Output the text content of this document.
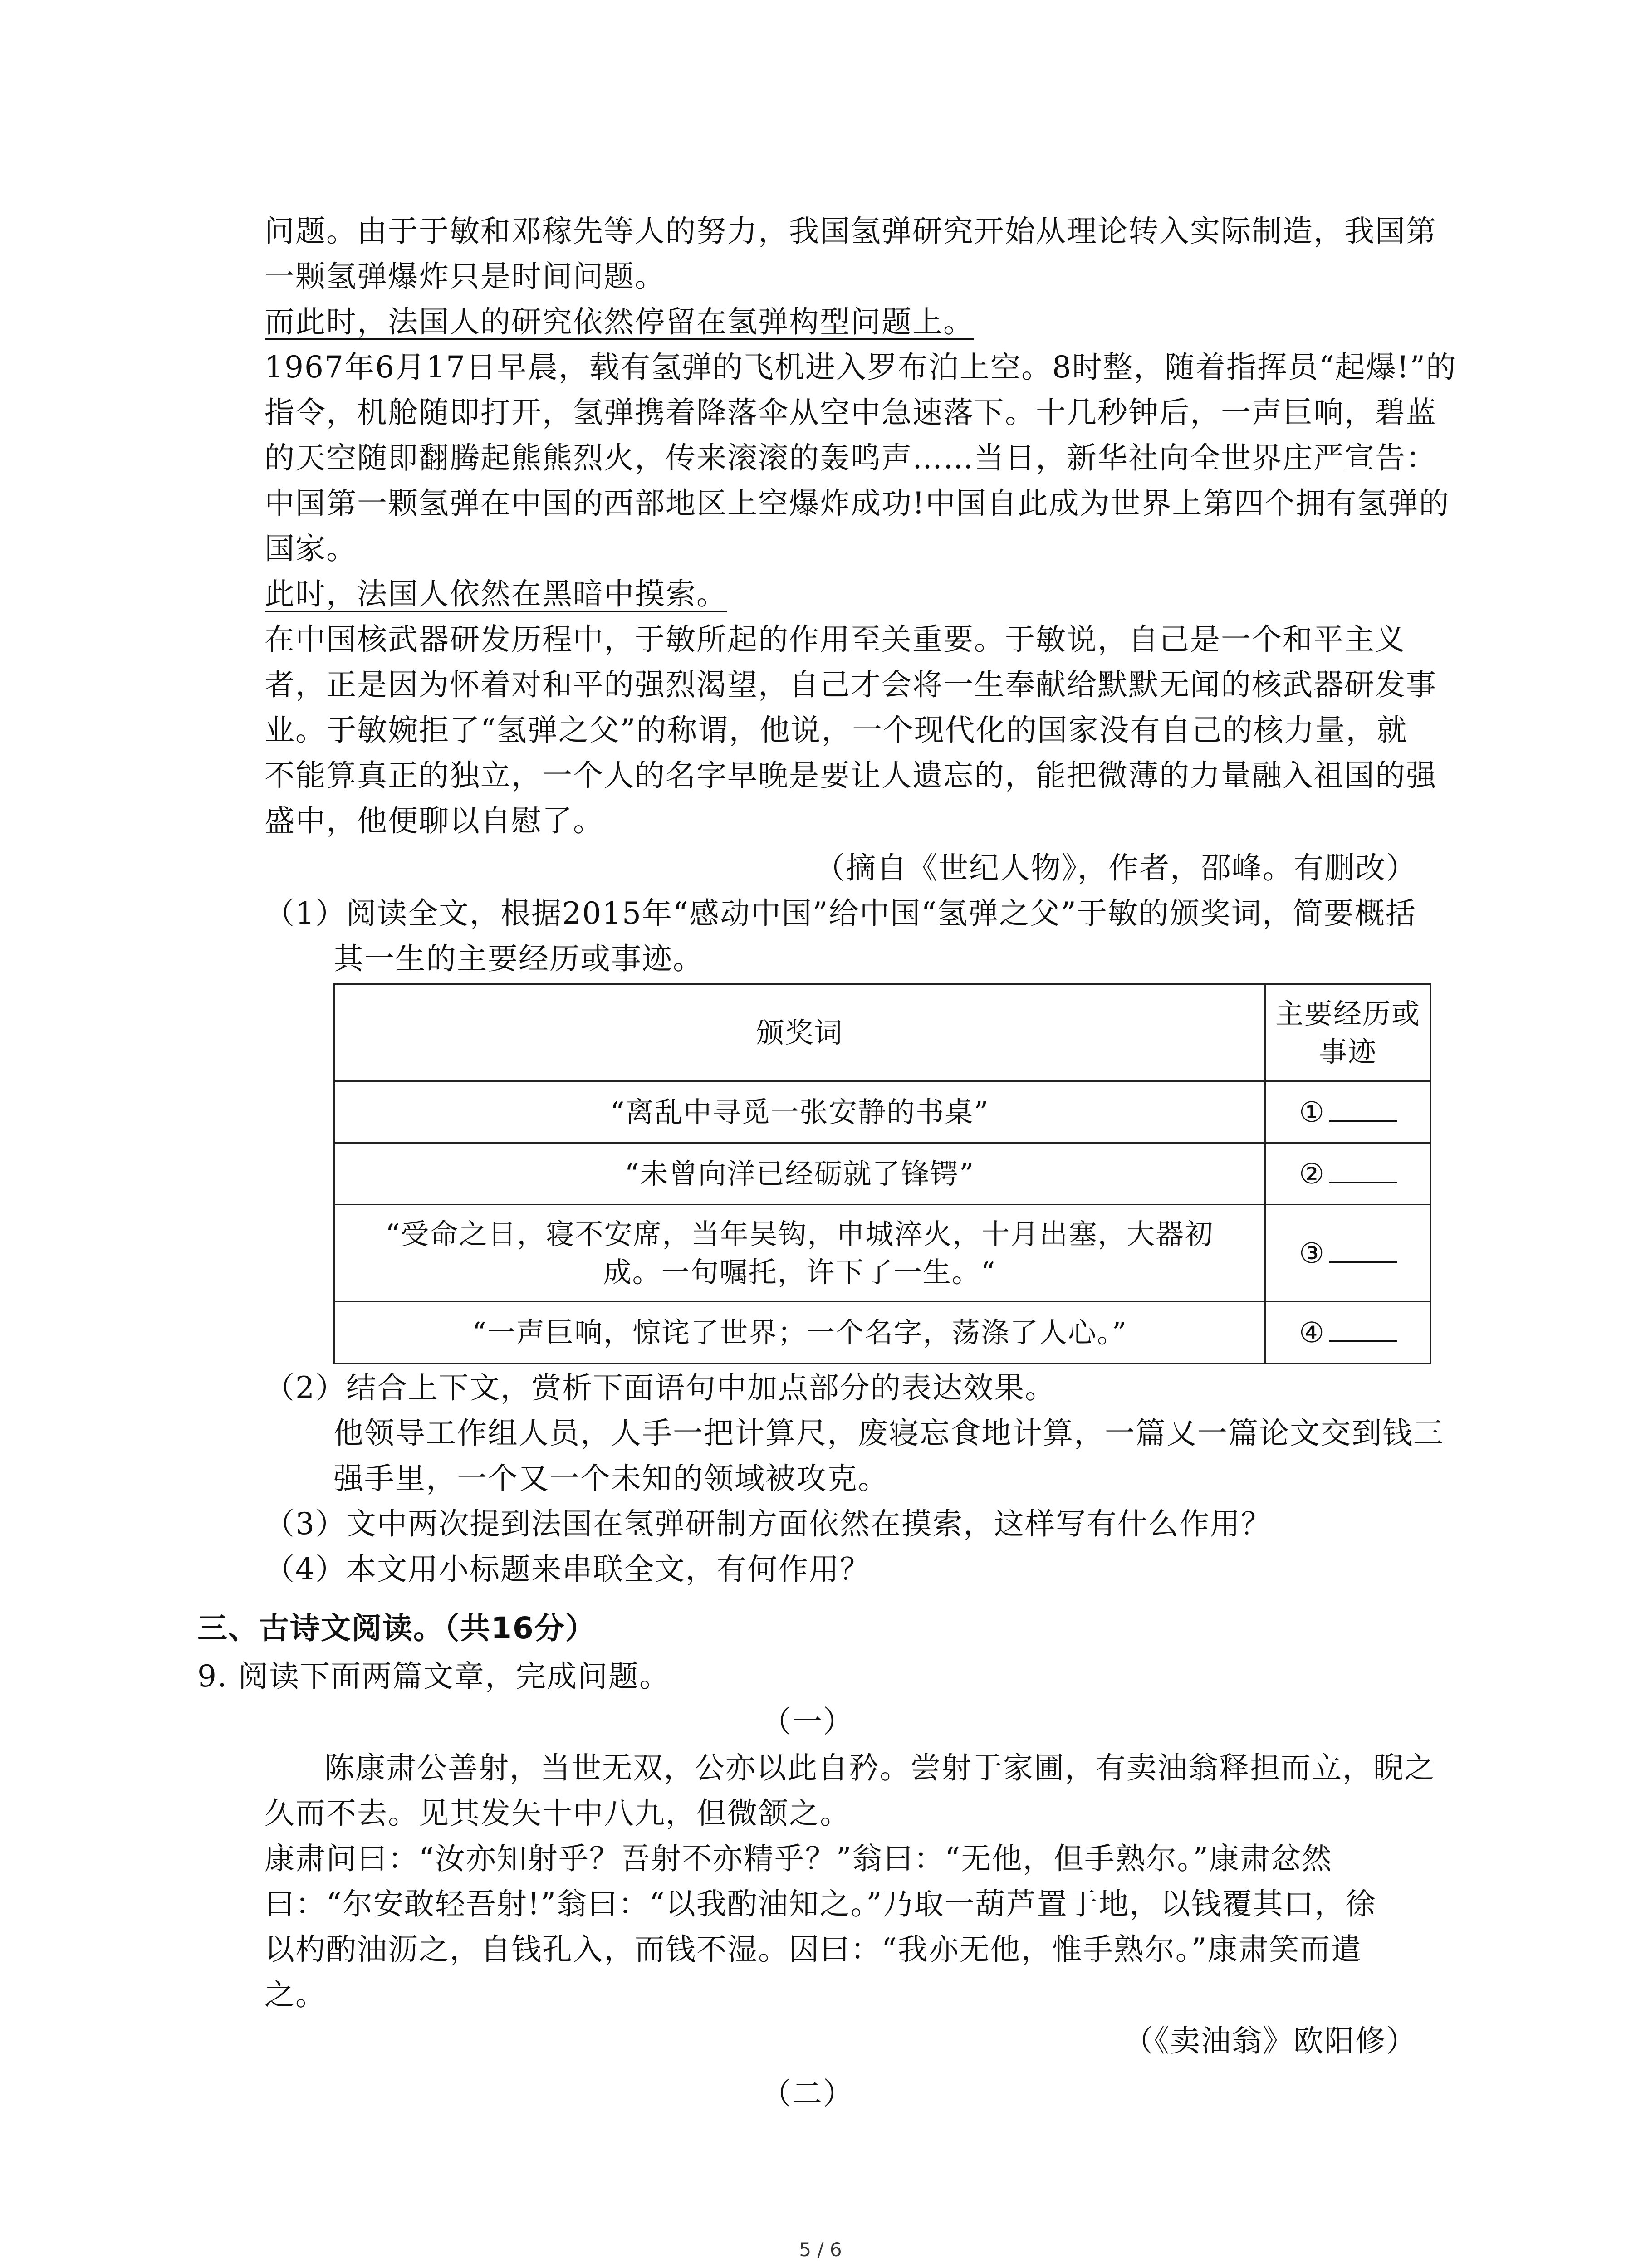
问题。由于于敏和邓稼先等人的努力，我国氢弹研究开始从理论转入实际制造，我国第
一颗氢弹爆炸只是时间问题。
而此时，法国人的研究依然停留在氢弹构型问题上。
1967年6月17日早晨，载有氢弹的飞机进入罗布泊上空。8时整，随着指挥员“起爆!”的
指令，机舱随即打开，氢弹携着降落伞从空中急速落下。十几秒钟后，一声巨响，碧蓝
的天空随即翻腾起熊熊烈火，传来滚滚的轰鸣声……当日，新华社向全世界庄严宣告：
中国第一颗氢弹在中国的西部地区上空爆炸成功!中国自此成为世界上第四个拥有氢弹的
国家。
此时，法国人依然在黑暗中摸索。
在中国核武器研发历程中，于敏所起的作用至关重要。于敏说，自己是一个和平主义
者，正是因为怀着对和平的强烈渴望，自己才会将一生奉献给默默无闻的核武器研发事
业。于敏婉拒了“氢弹之父”的称谓，他说，一个现代化的国家没有自己的核力量，就
不能算真正的独立，一个人的名字早晚是要让人遗忘的，能把微薄的力量融入祖国的强
盛中，他便聊以自慰了。
（摘自《世纪人物》，作者，邵峰。有删改）
（1）阅读全文，根据2015年“感动中国”给中国“氢弹之父”于敏的颁奖词，简要概括
其一生的主要经历或事迹。
颁奖词	主要经历或
事迹

“离乱中寻觅一张安静的书桌”	①
“未曾向洋已经砺就了锋锷”	②

“受命之日，寝不安席，当年吴钩，申城淬火，十月出塞，大器初
成。一句嘱托，许下了一生。“	③
“一声巨响，惊诧了世界；一个名字，荡涤了人心。”	④
（2）结合上下文，赏析下面语句中加点部分的表达效果。
他领导工作组人员，人手一把计算尺，废寝忘食地计算，一篇又一篇论文交到钱三
强手里，一个又一个未知的领域被攻克。
（3）文中两次提到法国在氢弹研制方面依然在摸索，这样写有什么作用？
（4）本文用小标题来串联全文，有何作用？
三、古诗文阅读。（共16分）
9. 阅读下面两篇文章，完成问题。
（一）
陈康肃公善射，当世无双，公亦以此自矜。尝射于家圃，有卖油翁释担而立，睨之
久而不去。见其发矢十中八九，但微颔之。
康肃问曰：“汝亦知射乎？吾射不亦精乎？”翁曰：“无他，但手熟尔。”康肃忿然
曰：“尔安敢轻吾射!”翁曰：“以我酌油知之。”乃取一葫芦置于地，以钱覆其口，徐
以杓酌油沥之，自钱孔入，而钱不湿。因曰：“我亦无他，惟手熟尔。”康肃笑而遣
之。
（《卖油翁》欧阳修）
（二）
5 / 6
